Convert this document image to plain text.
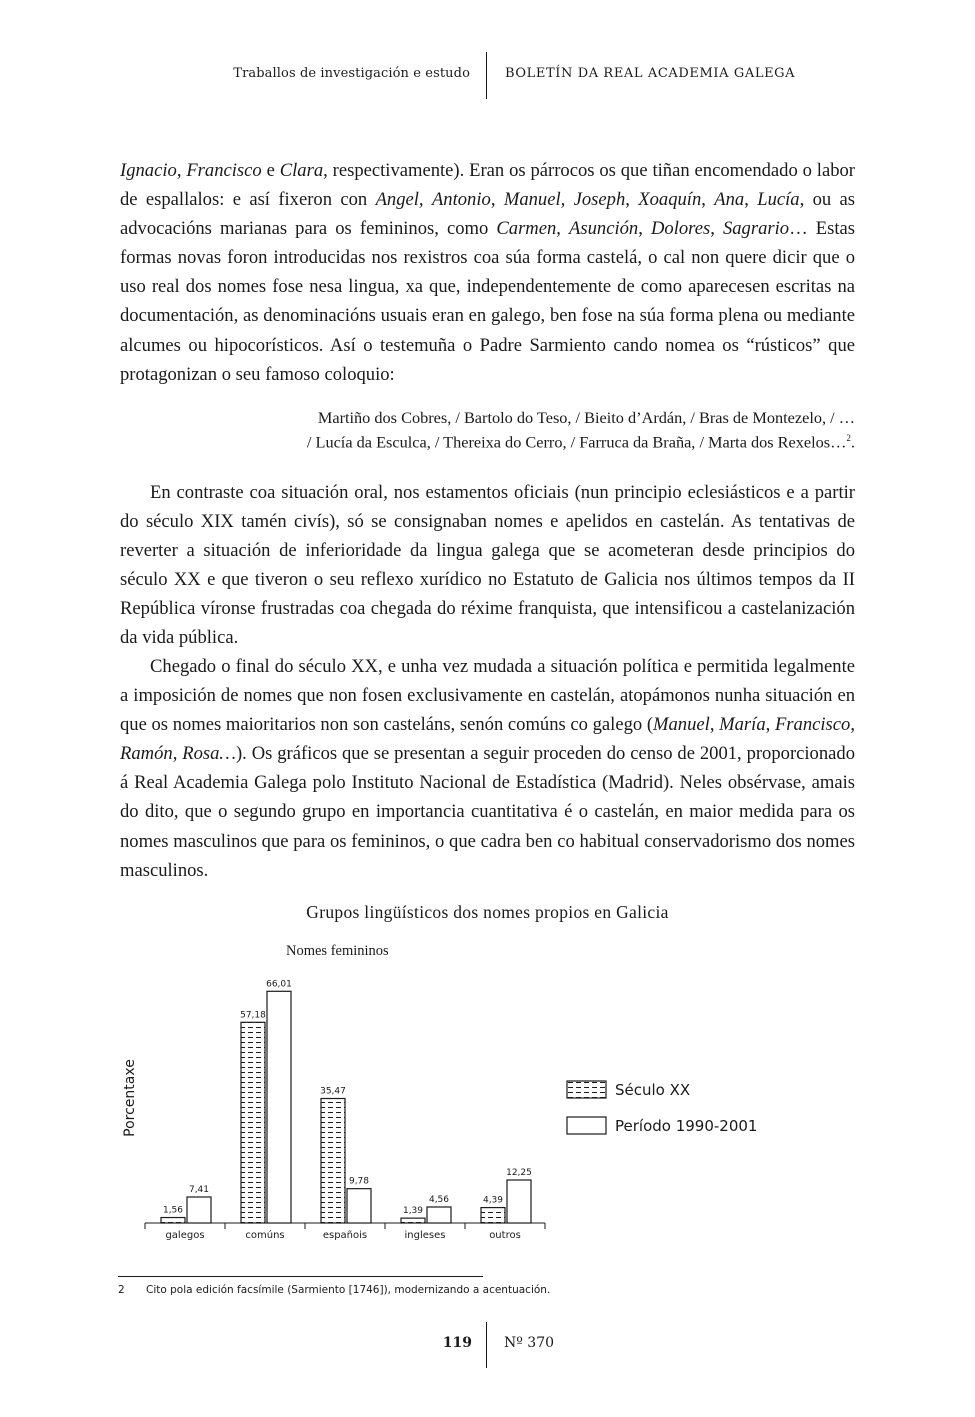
Traballos de investigación e estudo	BOLETÍN DA REAL ACADEMIA GALEGA

Ignacio, Francisco e Clara, respectivamente). Eran os párrocos os que tiñan encomendado o labor de espallalos: e así fixeron con Angel, Antonio, Manuel, Joseph, Xoaquín, Ana, Lucía, ou as advocacións marianas para os femininos, como Carmen, Asunción, Dolores, Sagrario… Estas formas novas foron introducidas nos rexistros coa súa forma castelá, o cal non quere dicir que o uso real dos nomes fose nesa lingua, xa que, independentemente de como aparecesen escritas na documentación, as denominacións usuais eran en galego, ben fose na súa forma plena ou mediante alcumes ou hipocorísticos. Así o testemuña o Padre Sarmiento cando nomea os “rústicos” que protagonizan o seu famoso coloquio:

Martiño dos Cobres, / Bartolo do Teso, / Bieito d’Ardán, / Bras de Montezelo, / …
/ Lucía da Esculca, / Thereixa do Cerro, / Farruca da Braña, / Marta dos Rexelos…$^2$.

En contraste coa situación oral, nos estamentos oficiais (nun principio eclesiásticos e a partir do século XIX tamén civís), só se consignaban nomes e apelidos en castelán. As tentativas de reverter a situación de inferioridade da lingua galega que se acometeran desde principios do século XX e que tiveron o seu reflexo xurídico no Estatuto de Galicia nos últimos tempos da II República víronse frustradas coa chegada do réxime franquista, que intensificou a castelanización da vida pública.

Chegado o final do século XX, e unha vez mudada a situación política e permitida legalmente a imposición de nomes que non fosen exclusivamente en castelán, atopámonos nunha situación en que os nomes maioritarios non son casteláns, senón comúns co galego (Manuel, María, Francisco, Ramón, Rosa…). Os gráficos que se presentan a seguir proceden do censo de 2001, proporcionado á Real Academia Galega polo Instituto Nacional de Estadística (Madrid). Neles obsérvase, amais do dito, que o segundo grupo en importancia cuantitativa é o castelán, en maior medida para os nomes masculinos que para os femininos, o que cadra ben co habitual conservadorismo dos nomes masculinos.

Grupos lingüísticos dos nomes propios en Galicia
Nomes femininos
galegos	comúns	españois	ingleses	outros
1,56
57,18
35,47
1,39
4,39
7,41
66,01
9,78
4,56
12,25
Porcentaxe	Século XX
Período 1990-2001
2 Cito pola edición facsímile (Sarmiento [1746]), modernizando a acentuación.
119 Nº 370
